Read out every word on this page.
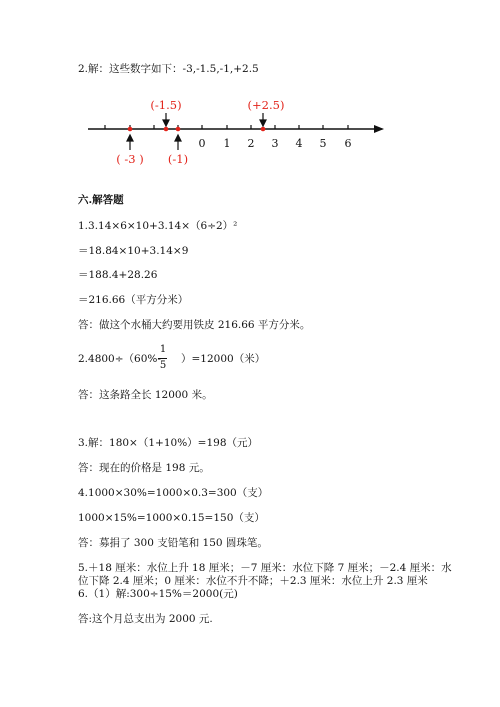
2.解：这些数字如下：-3,-1.5,-1,+2.5
0 1 2 3 4 5 6
(-1.5)	(+2.5)
( -3 ) (-1)
六.解答题
1.3.14×6×10+3.14×（6÷2）²
＝18.84×10+3.14×9
＝188.4+28.26
＝216.66（平方分米）
答：做这个水桶大约要用铁皮 216.66 平方分米。
2.4800÷（60%-
1
5
）=12000（米）
答：这条路全长 12000 米。
3.解：180×（1+10%）=198（元）
答：现在的价格是 198 元。
4.1000×30%=1000×0.3=300（支）
1000×15%=1000×0.15=150（支）
答：募捐了 300 支铅笔和 150 圆珠笔。
5.＋18 厘米：水位上升 18 厘米；－7 厘米：水位下降 7 厘米；－2.4 厘米：水
位下降 2.4 厘米；0 厘米：水位不升不降；＋2.3 厘米：水位上升 2.3 厘米
6.（1）解:300÷15%＝2000(元)
答:这个月总支出为 2000 元.
